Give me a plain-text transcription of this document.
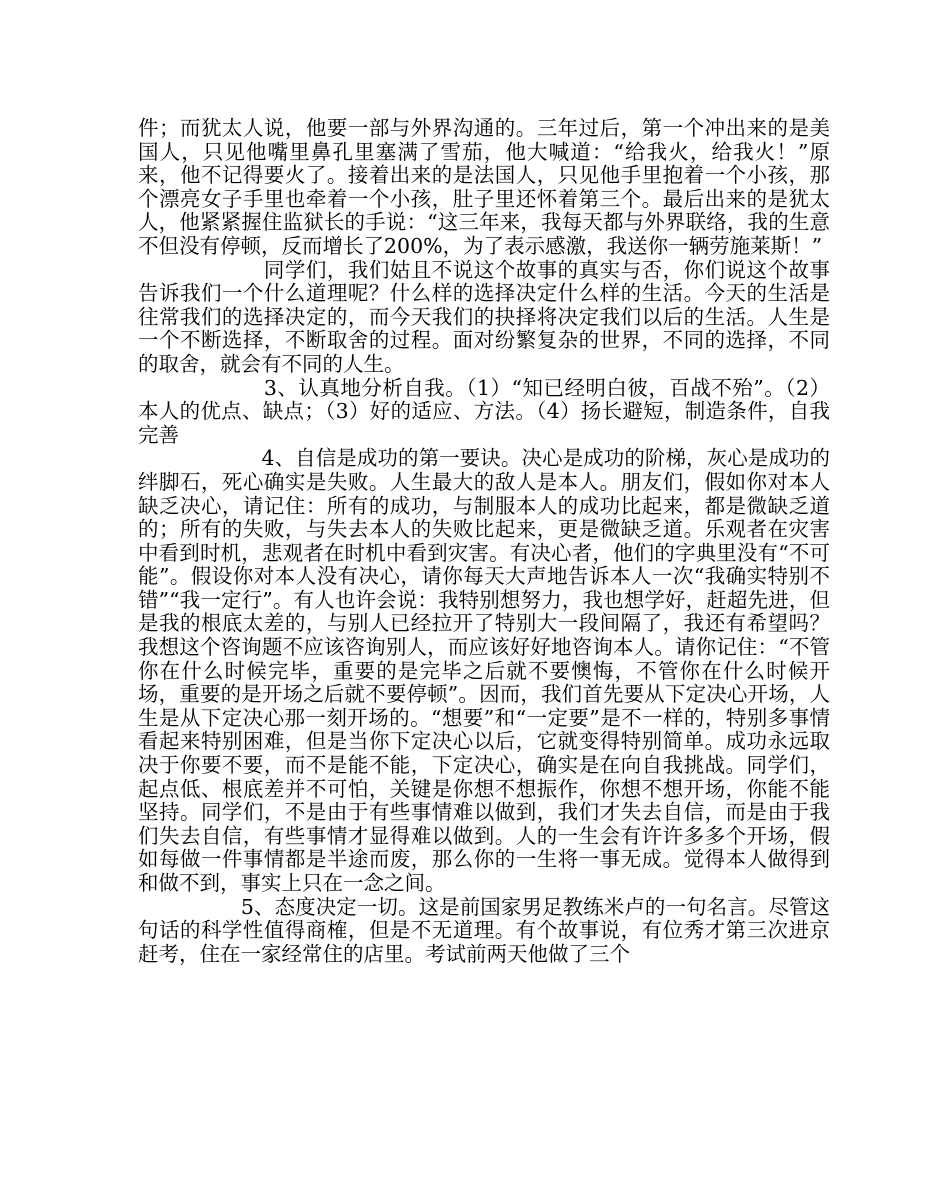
件；而犹太人说，他要一部与外界沟通的。三年过后，第一个冲出来的是美国人，只见他嘴里鼻孔里塞满了雪茄，他大喊道：“给我火，给我火！”原来，他不记得要火了。接着出来的是法国人，只见他手里抱着一个小孩，那个漂亮女子手里也牵着一个小孩，肚子里还怀着第三个。最后出来的是犹太人，他紧紧握住监狱长的手说：“这三年来，我每天都与外界联络，我的生意不但没有停顿，反而增长了200%，为了表示感激，我送你一辆劳施莱斯！”

　　　　　　同学们，我们姑且不说这个故事的真实与否，你们说这个故事告诉我们一个什么道理呢？什么样的选择决定什么样的生活。今天的生活是往常我们的选择决定的，而今天我们的抉择将决定我们以后的生活。人生是一个不断选择，不断取舍的过程。面对纷繁复杂的世界，不同的选择，不同的取舍，就会有不同的人生。

　　　　　　3、认真地分析自我。（1）“知已经明白彼，百战不殆”。（2）本人的优点、缺点；（3）好的适应、方法。（4）扬长避短，制造条件，自我完善

　　　　　　4、自信是成功的第一要诀。决心是成功的阶梯，灰心是成功的绊脚石，死心确实是失败。人生最大的敌人是本人。朋友们，假如你对本人缺乏决心，请记住：所有的成功，与制服本人的成功比起来，都是微缺乏道的；所有的失败，与失去本人的失败比起来，更是微缺乏道。乐观者在灾害中看到时机，悲观者在时机中看到灾害。有决心者，他们的字典里没有“不可能”。假设你对本人没有决心，请你每天大声地告诉本人一次“我确实特别不错”“我一定行”。有人也许会说：我特别想努力，我也想学好，赶超先进，但是我的根底太差的，与别人已经拉开了特别大一段间隔了，我还有希望吗？我想这个咨询题不应该咨询别人，而应该好好地咨询本人。请你记住：“不管你在什么时候完毕，重要的是完毕之后就不要懊悔，不管你在什么时候开场，重要的是开场之后就不要停顿”。因而，我们首先要从下定决心开场，人生是从下定决心那一刻开场的。“想要”和“一定要”是不一样的，特别多事情看起来特别困难，但是当你下定决心以后，它就变得特别简单。成功永远取决于你要不要，而不是能不能，下定决心，确实是在向自我挑战。同学们，起点低、根底差并不可怕，关键是你想不想振作，你想不想开场，你能不能坚持。同学们，不是由于有些事情难以做到，我们才失去自信，而是由于我们失去自信，有些事情才显得难以做到。人的一生会有许许多多个开场，假如每做一件事情都是半途而废，那么你的一生将一事无成。觉得本人做得到和做不到，事实上只在一念之间。

　　　　　5、态度决定一切。这是前国家男足教练米卢的一句名言。尽管这句话的科学性值得商榷，但是不无道理。有个故事说，有位秀才第三次进京赶考，住在一家经常住的店里。考试前两天他做了三个
